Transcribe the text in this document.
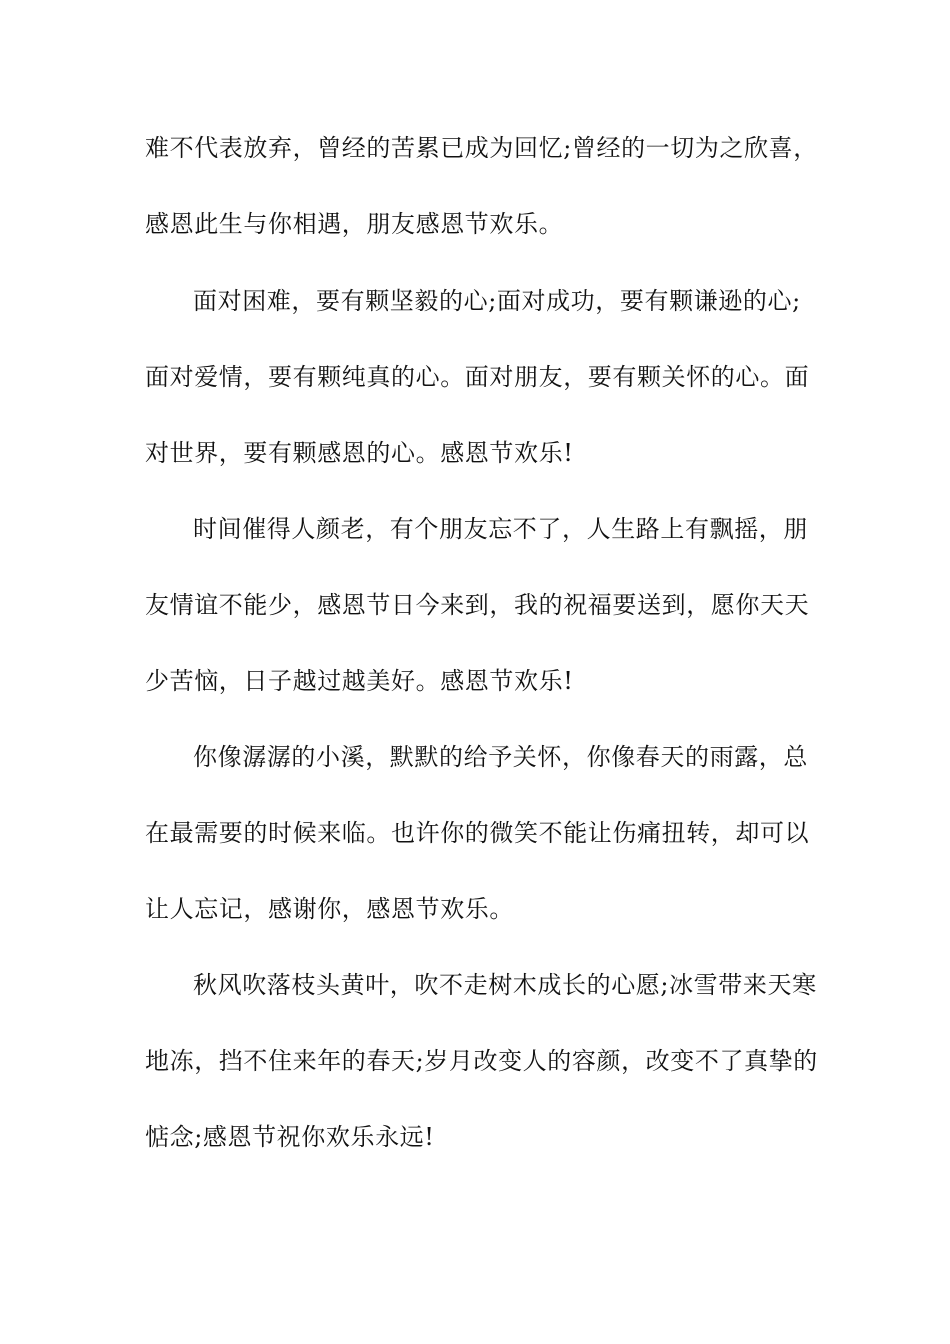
难不代表放弃，曾经的苦累已成为回忆;曾经的一切为之欣喜，
感恩此生与你相遇，朋友感恩节欢乐。
面对困难，要有颗坚毅的心;面对成功，要有颗谦逊的心;
面对爱情，要有颗纯真的心。面对朋友，要有颗关怀的心。面
对世界，要有颗感恩的心。感恩节欢乐!
时间催得人颜老，有个朋友忘不了，人生路上有飘摇，朋
友情谊不能少，感恩节日今来到，我的祝福要送到，愿你天天
少苦恼，日子越过越美好。感恩节欢乐!
你像潺潺的小溪，默默的给予关怀，你像春天的雨露，总
在最需要的时候来临。也许你的微笑不能让伤痛扭转，却可以
让人忘记，感谢你，感恩节欢乐。
秋风吹落枝头黄叶，吹不走树木成长的心愿;冰雪带来天寒
地冻，挡不住来年的春天;岁月改变人的容颜，改变不了真挚的
惦念;感恩节祝你欢乐永远!
